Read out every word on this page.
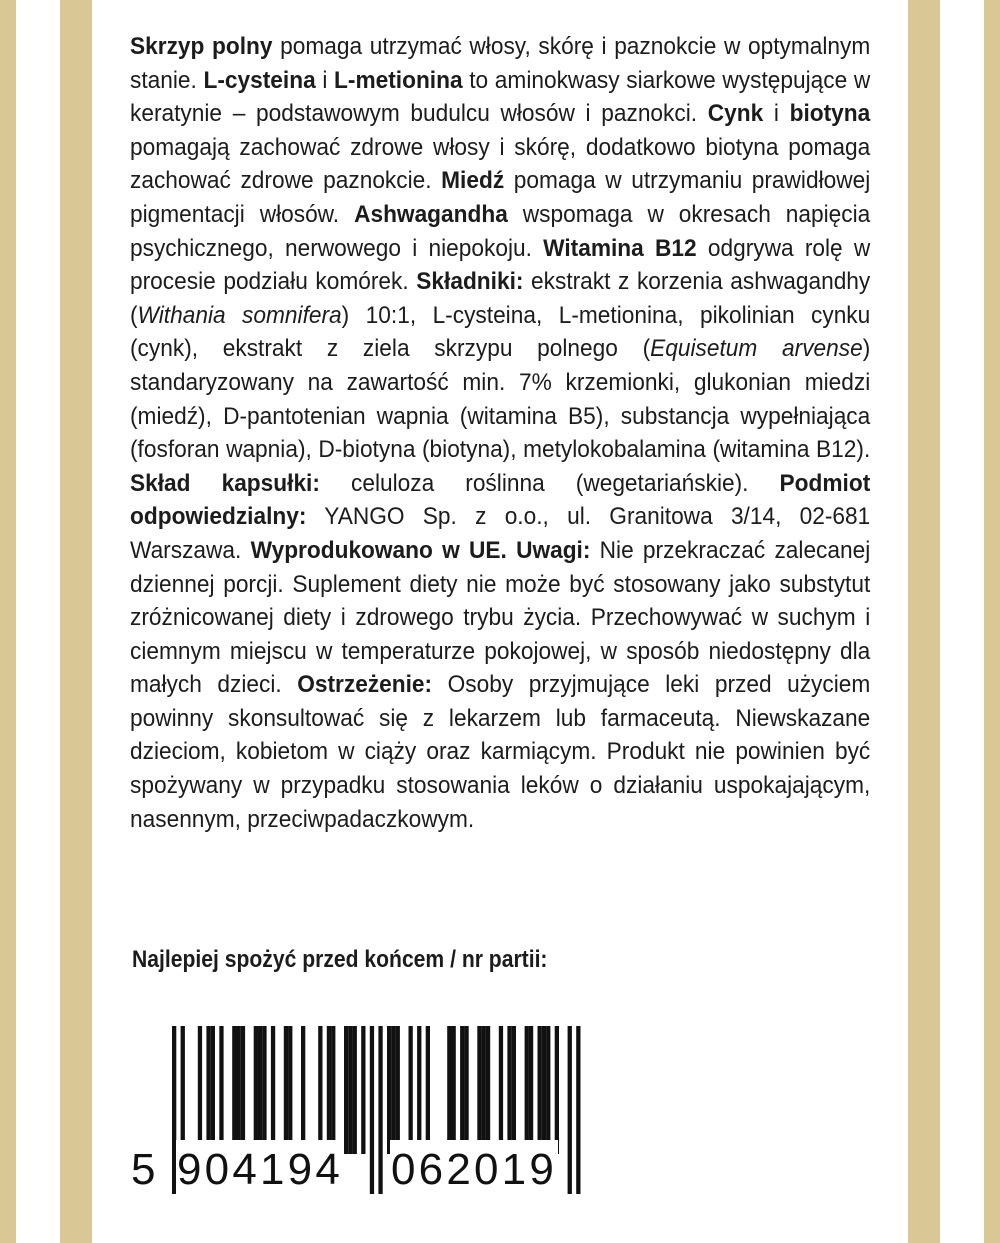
Skrzyp polny pomaga utrzymać włosy, skórę i paznokcie w optymalnym stanie. L-cysteina i L-metionina to aminokwasy siarkowe występujące w keratynie – podstawowym budulcu włosów i paznokci. Cynk i biotyna pomagają zachować zdrowe włosy i skórę, dodatkowo biotyna pomaga zachować zdrowe paznokcie. Miedź pomaga w utrzymaniu prawidłowej pigmentacji włosów. Ashwagandha wspomaga w okresach napięcia psychicznego, nerwowego i niepokoju. Witamina B12 odgrywa rolę w procesie podziału komórek. Składniki: ekstrakt z korzenia ashwagandhy (Withania somnifera) 10:1, L-cysteina, L-metionina, pikolinian cynku (cynk), ekstrakt z ziela skrzypu polnego (Equisetum arvense) standaryzowany na zawartość min. 7% krzemionki, glukonian miedzi (miedź), D-pantotenian wapnia (witamina B5), substancja wypełniająca (fosforan wapnia), D-biotyna (biotyna), metylokobalamina (witamina B12). Skład kapsułki: celuloza roślinna (wegetariańskie). Podmiot odpowiedzialny: YANGO Sp. z o.o., ul. Granitowa 3/14, 02-681 Warszawa. Wyprodukowano w UE. Uwagi: Nie przekraczać zalecanej dziennej porcji. Suplement diety nie może być stosowany jako substytut zróżnicowanej diety i zdrowego trybu życia. Przechowywać w suchym i ciemnym miejscu w temperaturze pokojowej, w sposób niedostępny dla małych dzieci. Ostrzeżenie: Osoby przyjmujące leki przed użyciem powinny skonsultować się z lekarzem lub farmaceutą. Niewskazane dzieciom, kobietom w ciąży oraz karmiącym. Produkt nie powinien być spożywany w przypadku stosowania leków o działaniu uspokajającym, nasennym, przeciwpadaczkowym.

Najlepiej spożyć przed końcem / nr partii:
5 904194 062019
